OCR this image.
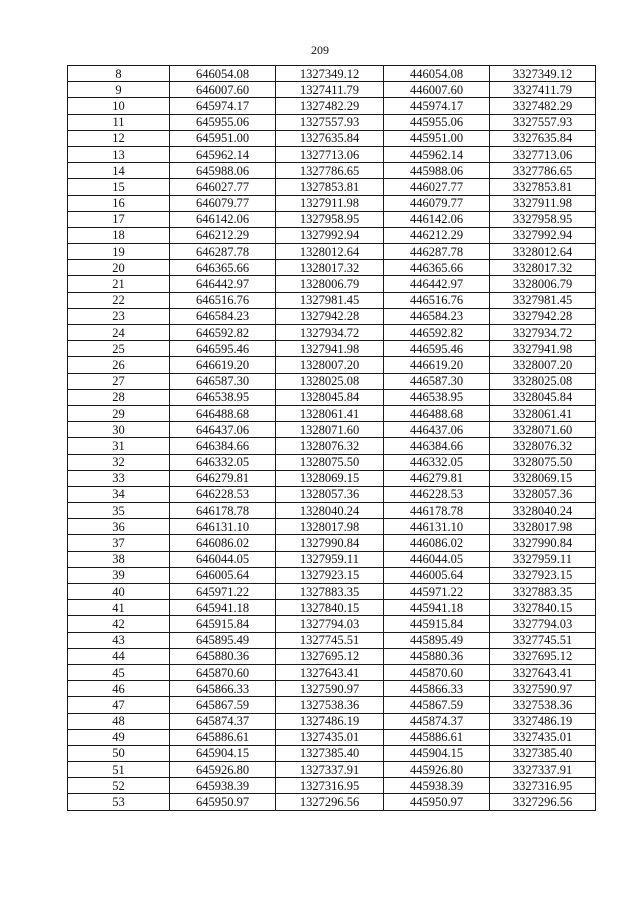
209
8	646054.08	1327349.12	446054.08	3327349.12
9	646007.60	1327411.79	446007.60	3327411.79
10	645974.17	1327482.29	445974.17	3327482.29
11	645955.06	1327557.93	445955.06	3327557.93
12	645951.00	1327635.84	445951.00	3327635.84
13	645962.14	1327713.06	445962.14	3327713.06
14	645988.06	1327786.65	445988.06	3327786.65
15	646027.77	1327853.81	446027.77	3327853.81
16	646079.77	1327911.98	446079.77	3327911.98
17	646142.06	1327958.95	446142.06	3327958.95
18	646212.29	1327992.94	446212.29	3327992.94
19	646287.78	1328012.64	446287.78	3328012.64
20	646365.66	1328017.32	446365.66	3328017.32
21	646442.97	1328006.79	446442.97	3328006.79
22	646516.76	1327981.45	446516.76	3327981.45
23	646584.23	1327942.28	446584.23	3327942.28
24	646592.82	1327934.72	446592.82	3327934.72
25	646595.46	1327941.98	446595.46	3327941.98
26	646619.20	1328007.20	446619.20	3328007.20
27	646587.30	1328025.08	446587.30	3328025.08
28	646538.95	1328045.84	446538.95	3328045.84
29	646488.68	1328061.41	446488.68	3328061.41
30	646437.06	1328071.60	446437.06	3328071.60
31	646384.66	1328076.32	446384.66	3328076.32
32	646332.05	1328075.50	446332.05	3328075.50
33	646279.81	1328069.15	446279.81	3328069.15
34	646228.53	1328057.36	446228.53	3328057.36
35	646178.78	1328040.24	446178.78	3328040.24
36	646131.10	1328017.98	446131.10	3328017.98
37	646086.02	1327990.84	446086.02	3327990.84
38	646044.05	1327959.11	446044.05	3327959.11
39	646005.64	1327923.15	446005.64	3327923.15
40	645971.22	1327883.35	445971.22	3327883.35
41	645941.18	1327840.15	445941.18	3327840.15
42	645915.84	1327794.03	445915.84	3327794.03
43	645895.49	1327745.51	445895.49	3327745.51
44	645880.36	1327695.12	445880.36	3327695.12
45	645870.60	1327643.41	445870.60	3327643.41
46	645866.33	1327590.97	445866.33	3327590.97
47	645867.59	1327538.36	445867.59	3327538.36
48	645874.37	1327486.19	445874.37	3327486.19
49	645886.61	1327435.01	445886.61	3327435.01
50	645904.15	1327385.40	445904.15	3327385.40
51	645926.80	1327337.91	445926.80	3327337.91
52	645938.39	1327316.95	445938.39	3327316.95
53	645950.97	1327296.56	445950.97	3327296.56
